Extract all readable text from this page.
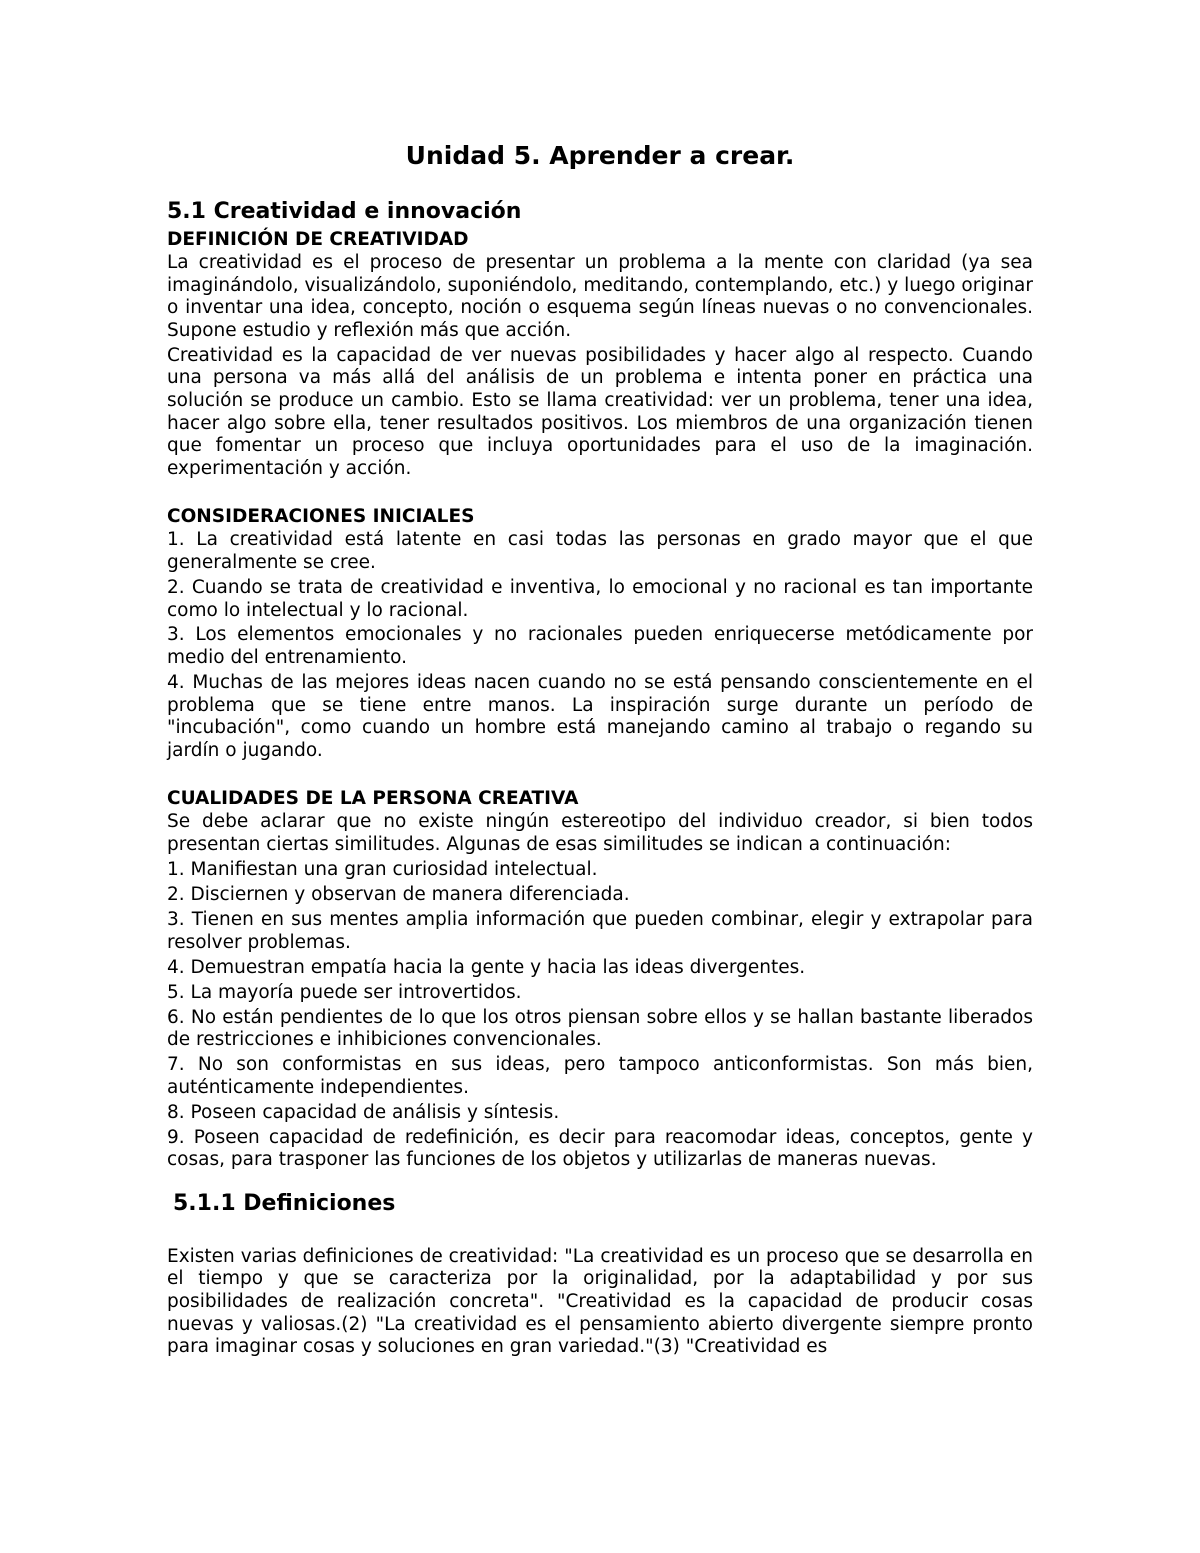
Unidad 5. Aprender a crear.
5.1 Creatividad e innovación
DEFINICIÓN DE CREATIVIDAD

La creatividad es el proceso de presentar un problema a la mente con claridad (ya sea imaginándolo, visualizándolo, suponiéndolo, meditando, contemplando, etc.) y luego originar o inventar una idea, concepto, noción o esquema según líneas nuevas o no convencionales. Supone estudio y reflexión más que acción.

Creatividad es la capacidad de ver nuevas posibilidades y hacer algo al respecto. Cuando una persona va más allá del análisis de un problema e intenta poner en práctica una solución se produce un cambio. Esto se llama creatividad: ver un problema, tener una idea, hacer algo sobre ella, tener resultados positivos. Los miembros de una organización tienen que fomentar un proceso que incluya oportunidades para el uso de la imaginación. experimentación y acción.

CONSIDERACIONES INICIALES

1. La creatividad está latente en casi todas las personas en grado mayor que el que generalmente se cree.

2. Cuando se trata de creatividad e inventiva, lo emocional y no racional es tan importante como lo intelectual y lo racional.

3. Los elementos emocionales y no racionales pueden enriquecerse metódicamente por medio del entrenamiento.

4. Muchas de las mejores ideas nacen cuando no se está pensando conscientemente en el problema que se tiene entre manos. La inspiración surge durante un período de "incubación", como cuando un hombre está manejando camino al trabajo o regando su jardín o jugando.

CUALIDADES DE LA PERSONA CREATIVA

Se debe aclarar que no existe ningún estereotipo del individuo creador, si bien todos presentan ciertas similitudes. Algunas de esas similitudes se indican a continuación:

1. Manifiestan una gran curiosidad intelectual.

2. Disciernen y observan de manera diferenciada.

3. Tienen en sus mentes amplia información que pueden combinar, elegir y extrapolar para resolver problemas.

4. Demuestran empatía hacia la gente y hacia las ideas divergentes.

5. La mayoría puede ser introvertidos.

6. No están pendientes de lo que los otros piensan sobre ellos y se hallan bastante liberados de restricciones e inhibiciones convencionales.

7. No son conformistas en sus ideas, pero tampoco anticonformistas. Son más bien, auténticamente independientes.

8. Poseen capacidad de análisis y síntesis.

9. Poseen capacidad de redefinición, es decir para reacomodar ideas, conceptos, gente y cosas, para trasponer las funciones de los objetos y utilizarlas de maneras nuevas.

5.1.1 Definiciones

Existen varias definiciones de creatividad: "La creatividad es un proceso que se desarrolla en el tiempo y que se caracteriza por la originalidad, por la adaptabilidad y por sus posibilidades de realización concreta". "Creatividad es la capacidad de producir cosas nuevas y valiosas.(2) "La creatividad es el pensamiento abierto divergente siempre pronto para imaginar cosas y soluciones en gran variedad."(3) "Creatividad es
